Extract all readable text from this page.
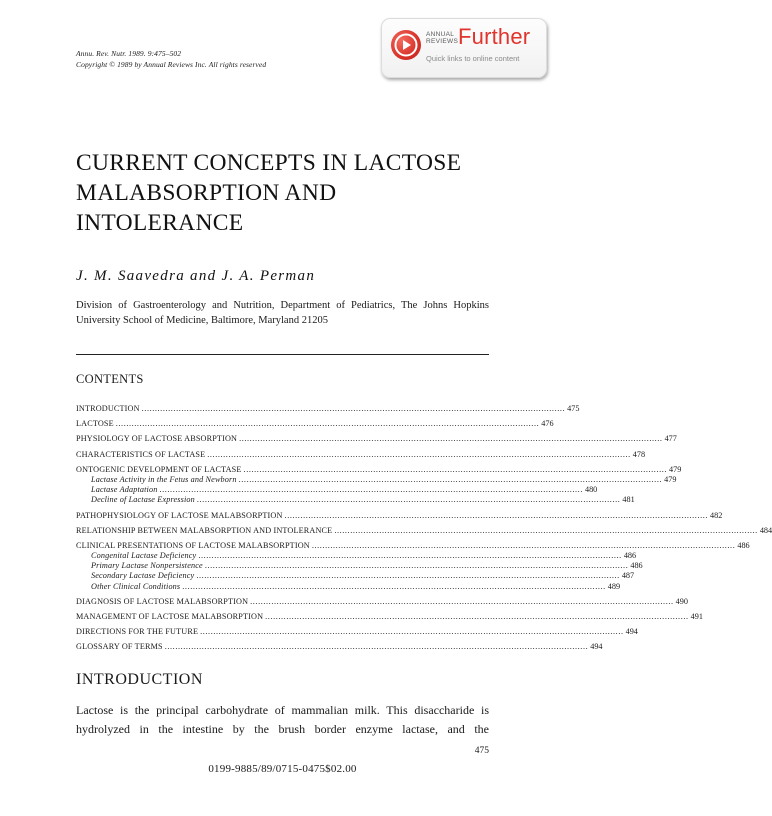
Annu. Rev. Nutr. 1989. 9:475–502
Copyright © 1989 by Annual Reviews Inc. All rights reserved
ANNUAL
REVIEWS Further
Quick links to online content
CURRENT CONCEPTS IN LACTOSE
MALABSORPTION AND
INTOLERANCE
J. M. Saavedra and J. A. Perman
Division of Gastroenterology and Nutrition, Department of Pediatrics, The Johns Hopkins University School of Medicine, Baltimore, Maryland 21205
CONTENTS
INTRODUCTION ................................................................................................................................................................ 475
LACTOSE ................................................................................................................................................................ 476
PHYSIOLOGY OF LACTOSE ABSORPTION ................................................................................................................................................................ 477
CHARACTERISTICS OF LACTASE ................................................................................................................................................................ 478
ONTOGENIC DEVELOPMENT OF LACTASE ................................................................................................................................................................ 479
Lactase Activity in the Fetus and Newborn ................................................................................................................................................................ 479
Lactase Adaptation ................................................................................................................................................................ 480
Decline of Lactase Expression ................................................................................................................................................................ 481
PATHOPHYSIOLOGY OF LACTOSE MALABSORPTION ................................................................................................................................................................ 482
RELATIONSHIP BETWEEN MALABSORPTION AND INTOLERANCE ................................................................................................................................................................ 484
CLINICAL PRESENTATIONS OF LACTOSE MALABSORPTION ................................................................................................................................................................ 486
Congenital Lactase Deficiency ................................................................................................................................................................ 486
Primary Lactase Nonpersistence ................................................................................................................................................................ 486
Secondary Lactase Deficiency ................................................................................................................................................................ 487
Other Clinical Conditions ................................................................................................................................................................ 489
DIAGNOSIS OF LACTOSE MALABSORPTION ................................................................................................................................................................ 490
MANAGEMENT OF LACTOSE MALABSORPTION ................................................................................................................................................................ 491
DIRECTIONS FOR THE FUTURE ................................................................................................................................................................ 494
GLOSSARY OF TERMS ................................................................................................................................................................ 494
INTRODUCTION
Lactose is the principal carbohydrate of mammalian milk. This disaccharide is
hydrolyzed in the intestine by the brush border enzyme lactase, and the
475
0199-9885/89/0715-0475$02.00
